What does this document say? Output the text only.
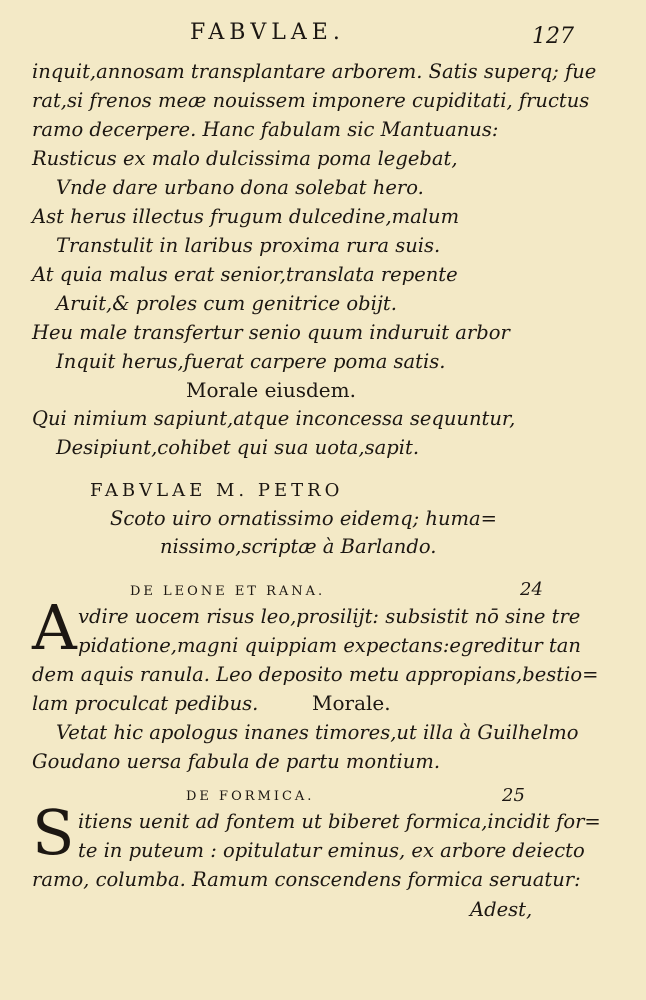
FABVLAE.	127
inquit,annosam transplantare arborem. Satis superq; fue
rat,si frenos meæ nouissem imponere cupiditati, fructus
ramo decerpere. Hanc fabulam sic Mantuanus:
Rusticus ex malo dulcissima poma legebat,
Vnde dare urbano dona solebat hero.
Ast herus illectus frugum dulcedine,malum
Transtulit in laribus proxima rura suis.
At quia malus erat senior,translata repente
Aruit,& proles cum genitrice obijt.
Heu male transfertur senio quum induruit arbor
Inquit herus,fuerat carpere poma satis.
Morale eiusdem.
Qui nimium sapiunt,atque inconcessa sequuntur,
Desipiunt,cohibet qui sua uota,sapit.
FABVLAE M. PETRO
Scoto uiro ornatissimo eidemq; huma=
nissimo,scriptæ à Barlando.
DE LEONE ET RANA.	24
A vdire uocem risus leo,prosilijt: subsistit nō sine tre
pidatione,magni quippiam expectans:egreditur tan
dem aquis ranula. Leo deposito metu appropians,bestio=
lam proculcat pedibus.	Morale.
Vetat hic apologus inanes timores,ut illa à Guilhelmo
Goudano uersa fabula de partu montium.
DE FORMICA.	25
S itiens uenit ad fontem ut biberet formica,incidit for=
te in puteum : opitulatur eminus, ex arbore deiecto
ramo, columba. Ramum conscendens formica seruatur:
Adest,
